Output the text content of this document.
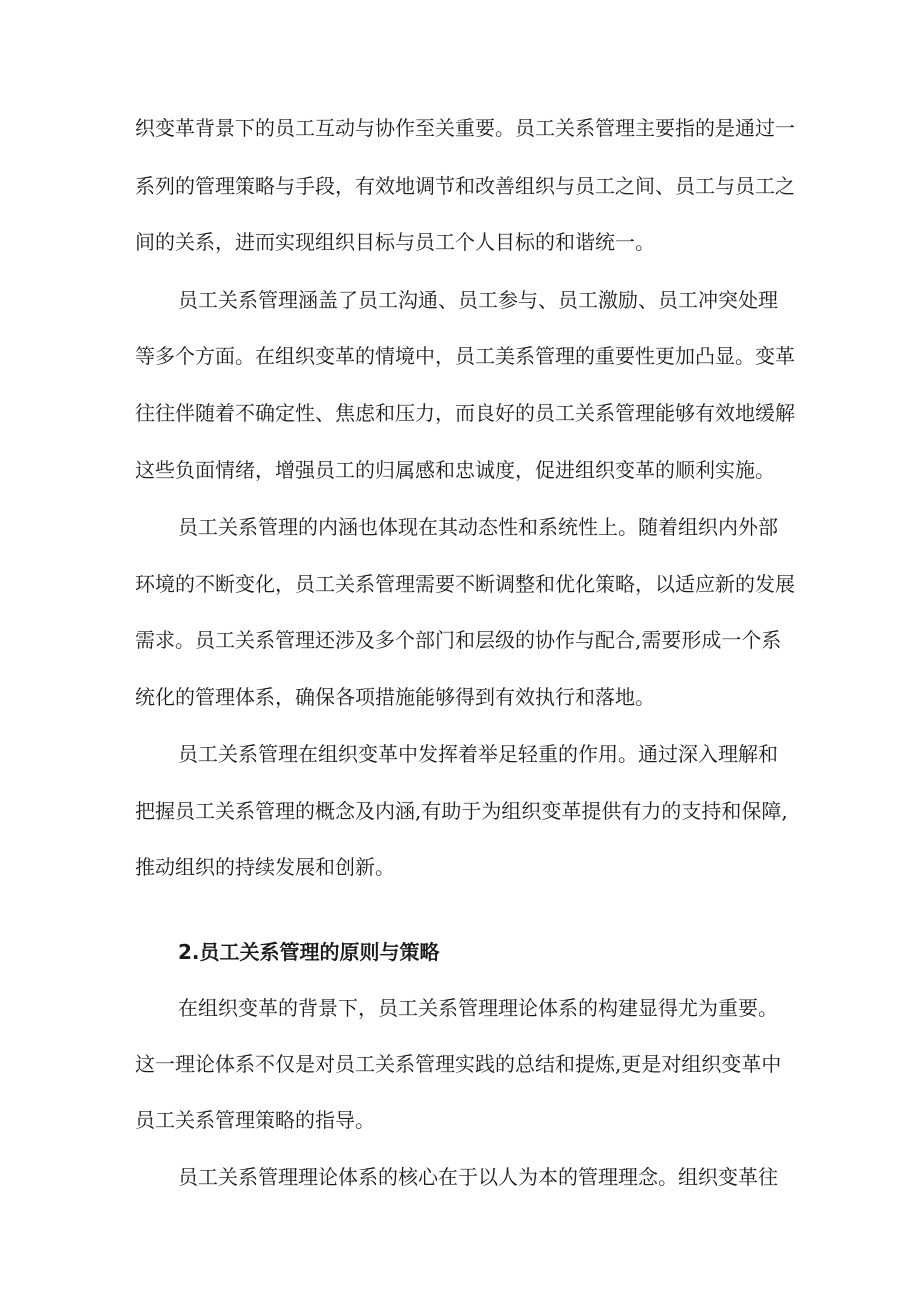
织变革背景下的员工互动与协作至关重要。员工关系管理主要指的是通过一
系列的管理策略与手段，有效地调节和改善组织与员工之间、员工与员工之
间的关系，进而实现组织目标与员工个人目标的和谐统一。
员工关系管理涵盖了员工沟通、员工参与、员工激励、员工冲突处理
等多个方面。在组织变革的情境中，员工美系管理的重要性更加凸显。变革
往往伴随着不确定性、焦虑和压力，而良好的员工关系管理能够有效地缓解
这些负面情绪，增强员工的归属感和忠诚度，促进组织变革的顺利实施。
员工关系管理的内涵也体现在其动态性和系统性上。随着组织内外部
环境的不断变化，员工关系管理需要不断调整和优化策略，以适应新的发展
需求。员工关系管理还涉及多个部门和层级的协作与配合,需要形成一个系
统化的管理体系，确保各项措施能够得到有效执行和落地。
员工关系管理在组织变革中发挥着举足轻重的作用。通过深入理解和
把握员工关系管理的概念及内涵,有助于为组织变革提供有力的支持和保障,
推动组织的持续发展和创新。
2.员工关系管理的原则与策略
在组织变革的背景下，员工关系管理理论体系的构建显得尤为重要。
这一理论体系不仅是对员工关系管理实践的总结和提炼,更是对组织变革中
员工关系管理策略的指导。
员工关系管理理论体系的核心在于以人为本的管理理念。组织变革往
